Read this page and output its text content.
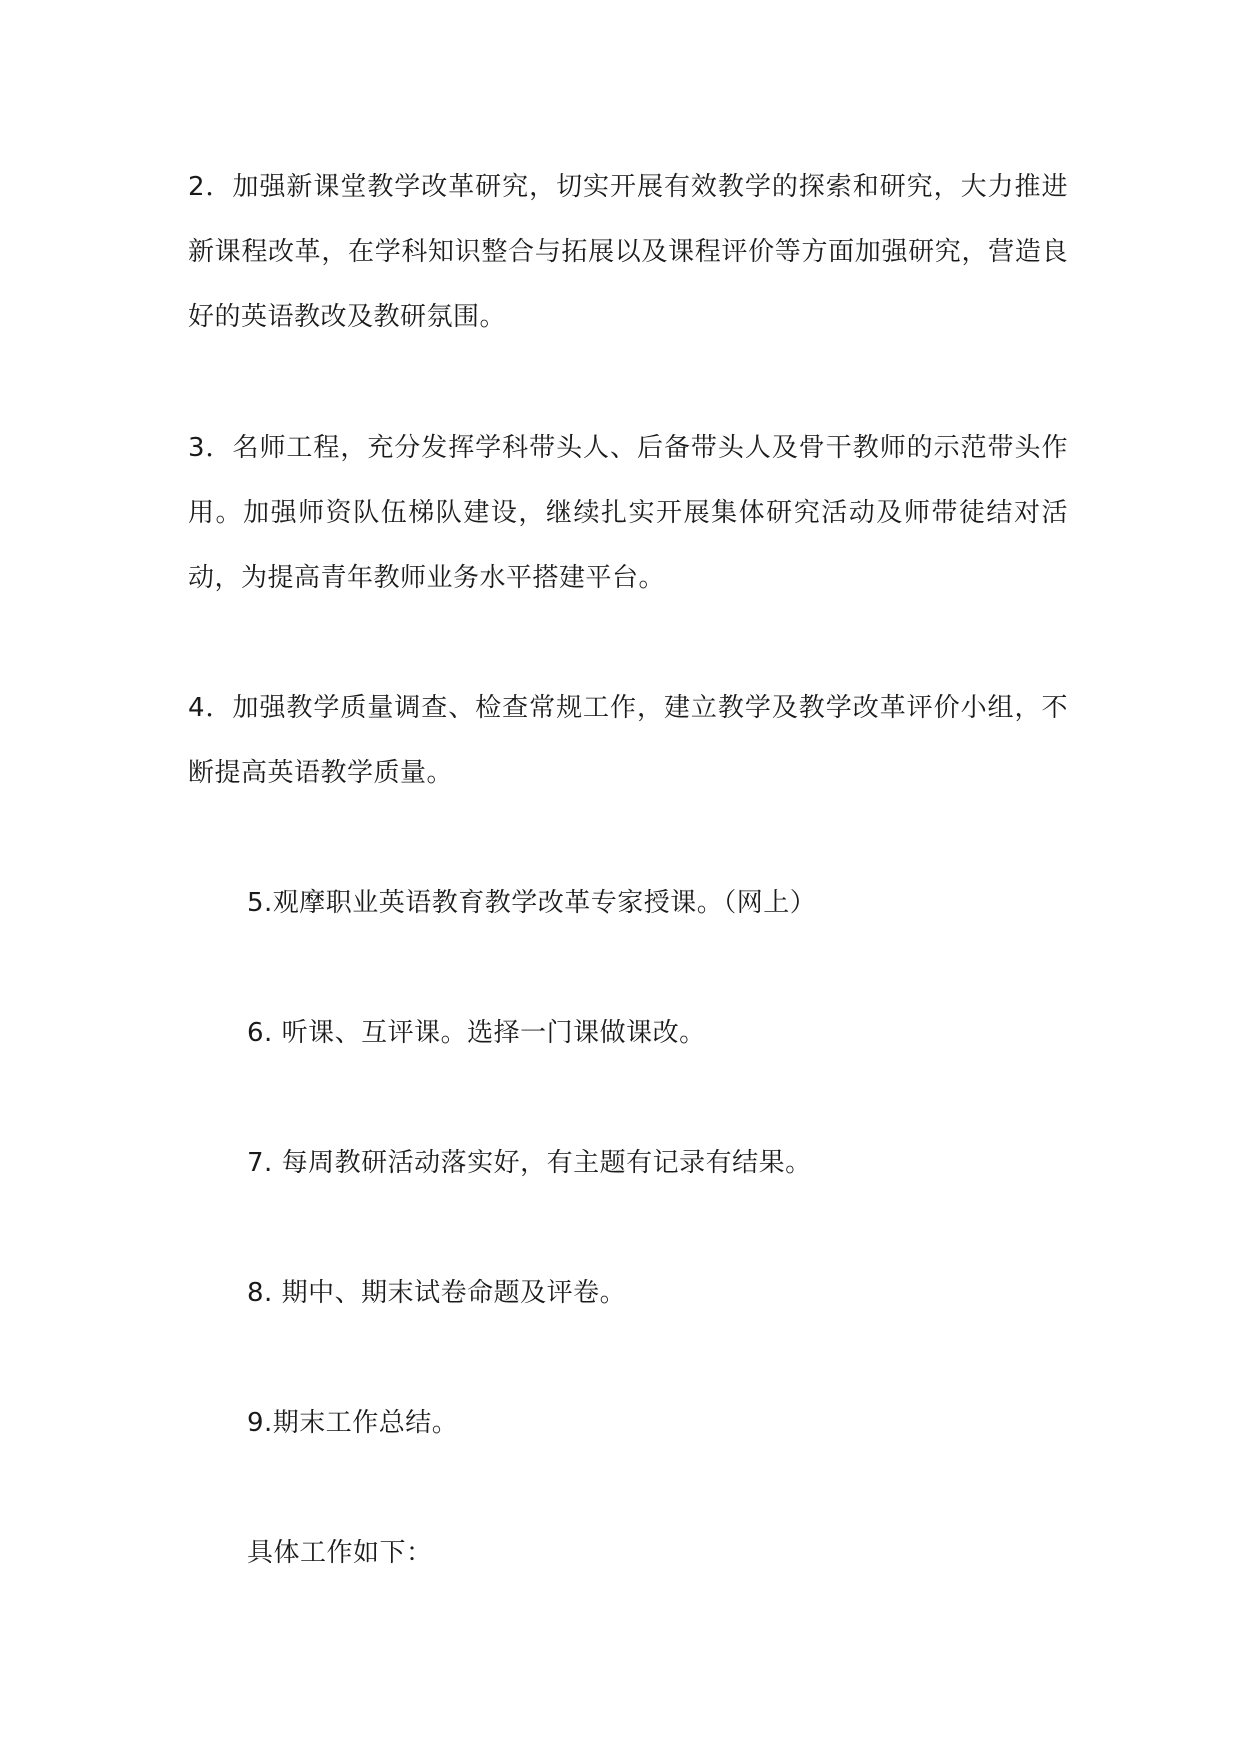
2．加强新课堂教学改革研究，切实开展有效教学的探索和研究，大力推进新课程改革，在学科知识整合与拓展以及课程评价等方面加强研究，营造良好的英语教改及教研氛围。

3．名师工程，充分发挥学科带头人、后备带头人及骨干教师的示范带头作用。加强师资队伍梯队建设，继续扎实开展集体研究活动及师带徒结对活动，为提高青年教师业务水平搭建平台。

4．加强教学质量调查、检查常规工作，建立教学及教学改革评价小组，不断提高英语教学质量。

5.观摩职业英语教育教学改革专家授课。（网上）

6. 听课、互评课。选择一门课做课改。

7. 每周教研活动落实好，有主题有记录有结果。

8. 期中、期末试卷命题及评卷。

9.期末工作总结。

具体工作如下：
